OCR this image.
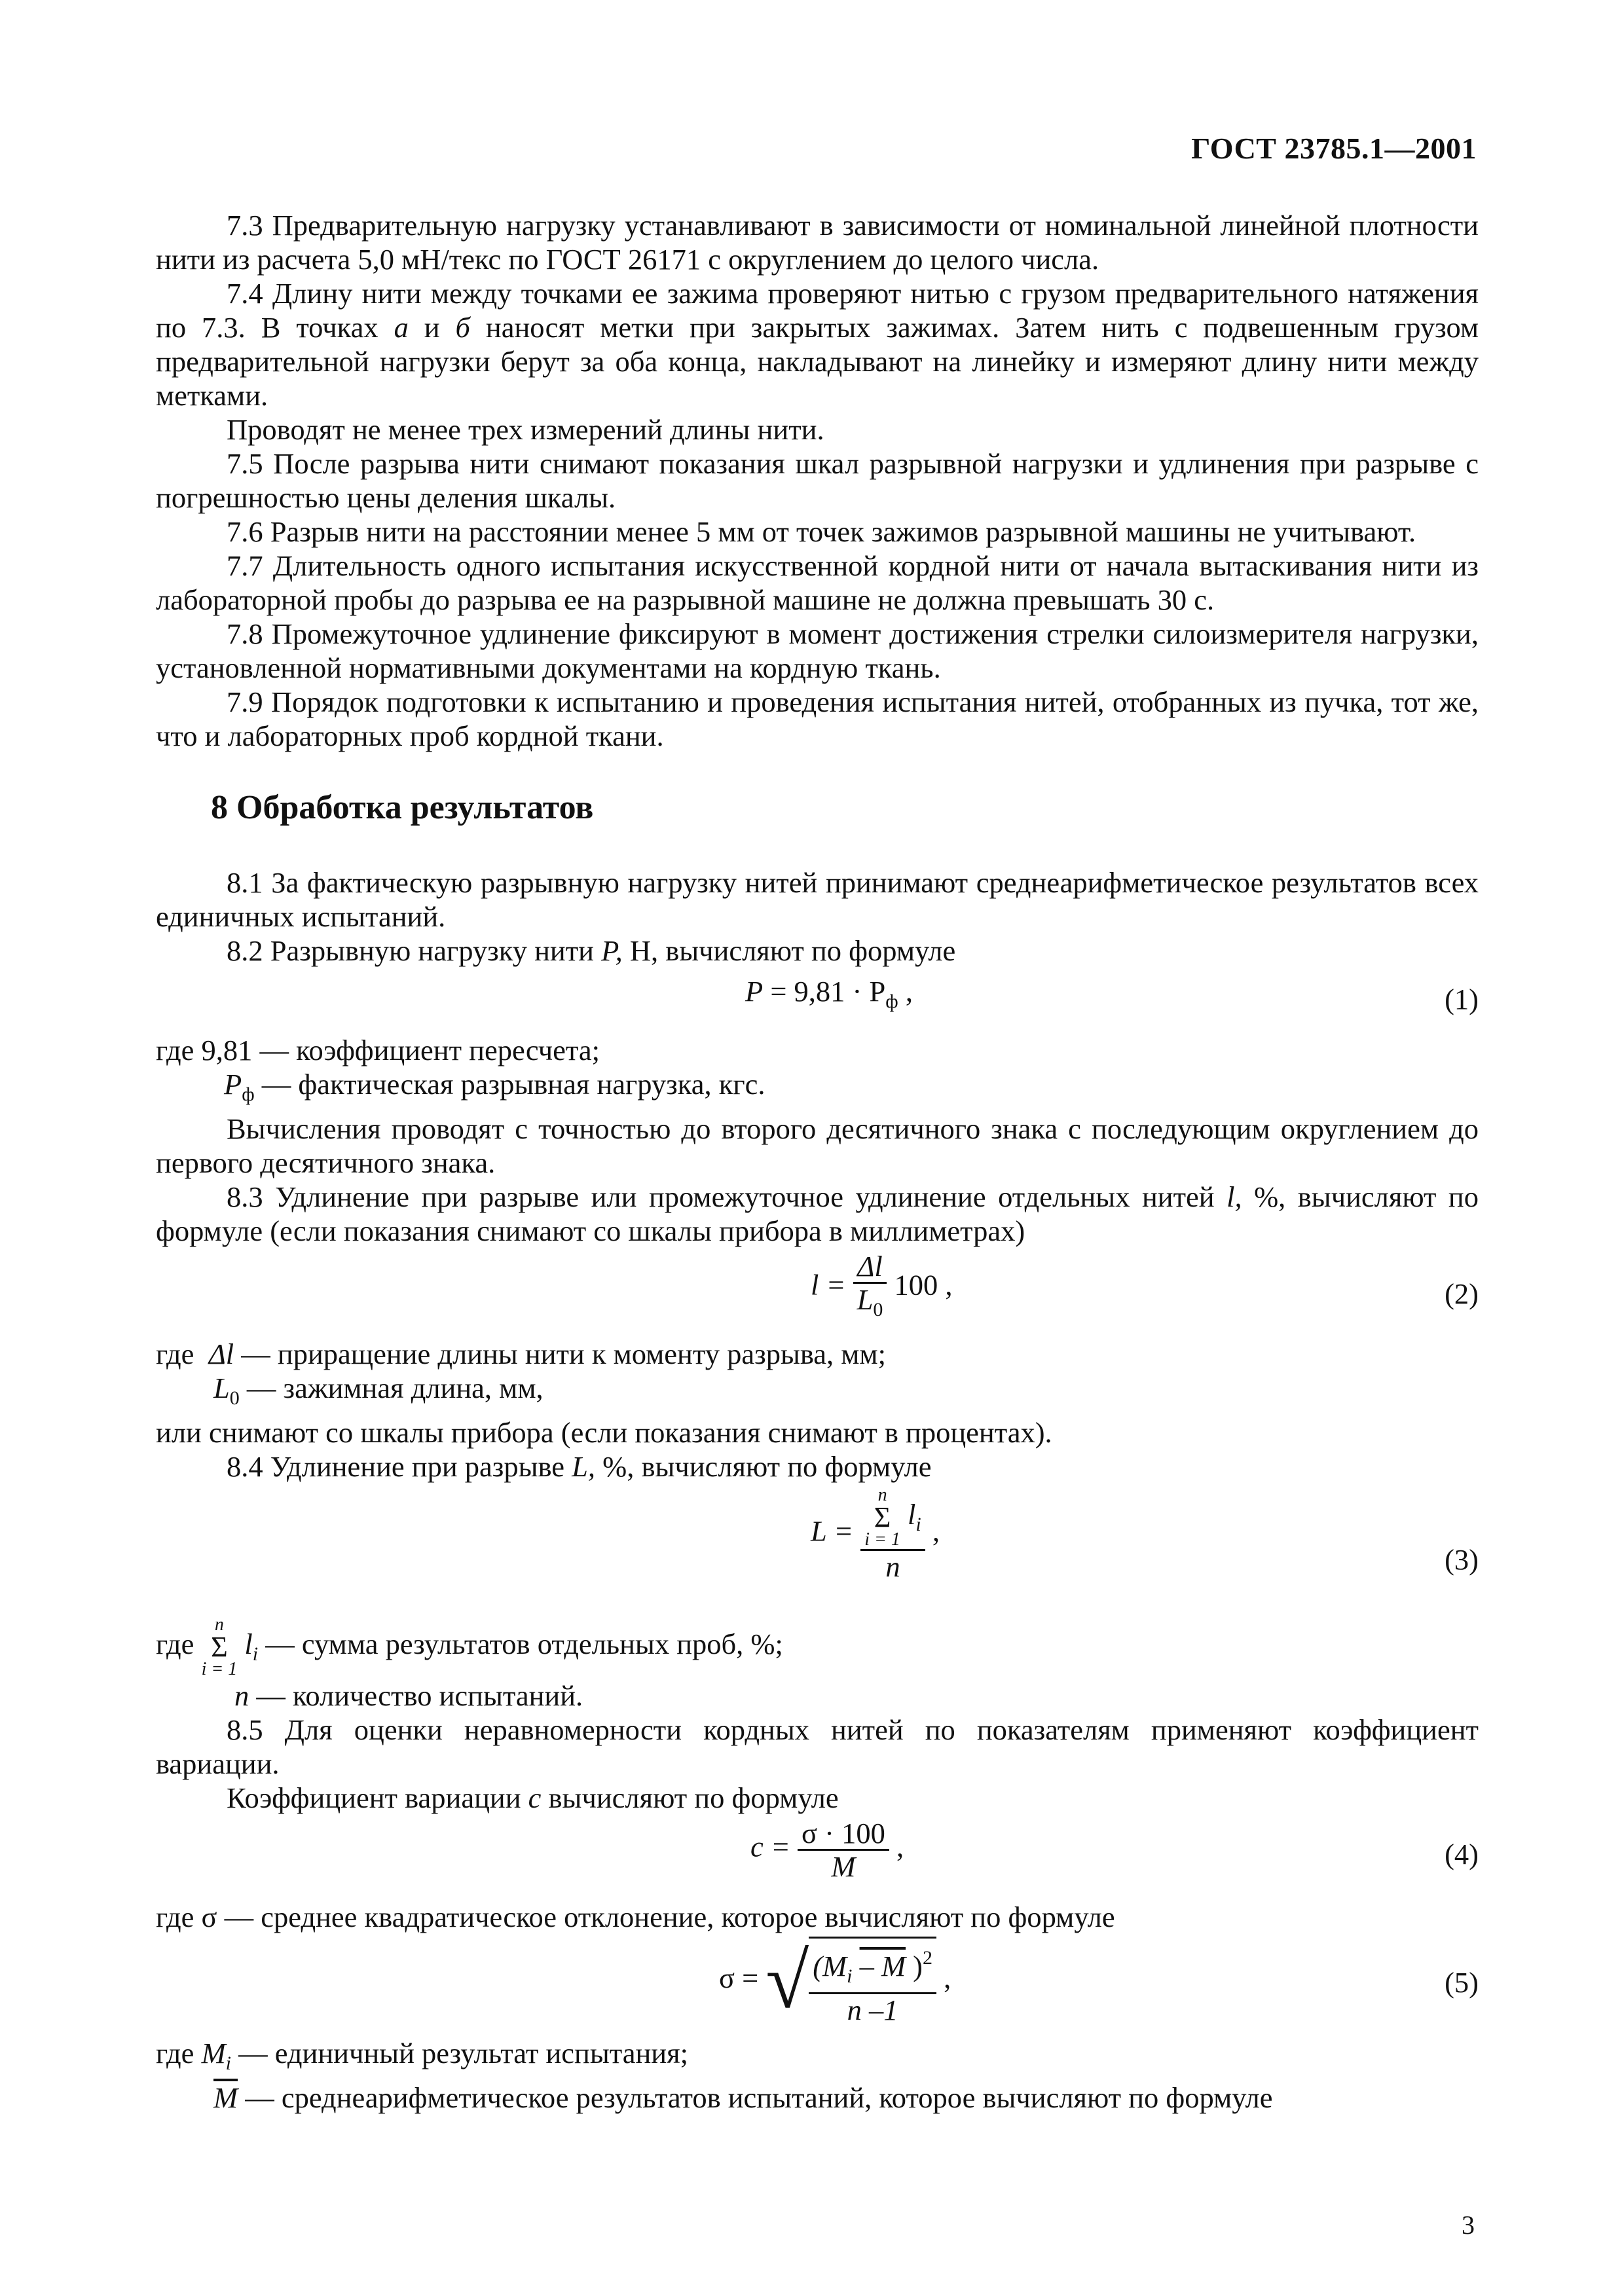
ГОСТ 23785.1—2001

7.3 Предварительную нагрузку устанавливают в зависимости от номинальной линейной плотности нити из расчета 5,0 мН/текс по ГОСТ 26171 с округлением до целого числа.

7.4 Длину нити между точками ее зажима проверяют нитью с грузом предварительного натяжения по 7.3. В точках а и б наносят метки при закрытых зажимах. Затем нить с подвешенным грузом предварительной нагрузки берут за оба конца, накладывают на линейку и измеряют длину нити между метками.

Проводят не менее трех измерений длины нити.

7.5 После разрыва нити снимают показания шкал разрывной нагрузки и удлинения при разрыве с погрешностью цены деления шкалы.

7.6 Разрыв нити на расстоянии менее 5 мм от точек зажимов разрывной машины не учитывают.

7.7 Длительность одного испытания искусственной кордной нити от начала вытаскивания нити из лабораторной пробы до разрыва ее на разрывной машине не должна превышать 30 с.

7.8 Промежуточное удлинение фиксируют в момент достижения стрелки силоизмерителя нагрузки, установленной нормативными документами на кордную ткань.

7.9 Порядок подготовки к испытанию и проведения испытания нитей, отобранных из пучка, тот же, что и лабораторных проб кордной ткани.

8 Обработка результатов

8.1 За фактическую разрывную нагрузку нитей принимают среднеарифметическое результатов всех единичных испытаний.

8.2 Разрывную нагрузку нити P, Н, вычисляют по формуле

$P = 9,81 \cdot P_ф$ ,	(1)

где 9,81 — коэффициент пересчета;

$P_ф$ — фактическая разрывная нагрузка, кгс.

Вычисления проводят с точностью до второго десятичного знака с последующим округлением до первого десятичного знака.

8.3 Удлинение при разрыве или промежуточное удлинение отдельных нитей l, %, вычисляют по формуле (если показания снимают со шкалы прибора в миллиметрах)

$l = \frac{\Delta l}{L_0} 100$ ,	(2)

где Δl — приращение длины нити к моменту разрыва, мм;

$L_0$ — зажимная длина, мм,

или снимают со шкалы прибора (если показания снимают в процентах).

8.4 Удлинение при разрыве L, %, вычисляют по формуле

L = n
Σ
i = 1
$l_i$
n ,
(3)

где
n
Σ
i = 1
$l_i$ — сумма результатов отдельных проб, %;

n — количество испытаний.

8.5 Для оценки неравномерности кордных нитей по показателям применяют коэффициент вариации.

Коэффициент вариации c вычисляют по формуле

$c = \frac{\sigma \cdot 100}{M}$ ,	(4)

где σ — среднее квадратическое отклонение, которое вычисляют по формуле

σ = √ $\frac{(M_i - M )^2}{n -1}$ ,	(5)

где $M_i$ — единичный результат испытания;

$\overline{M}$ — среднеарифметическое результатов испытаний, которое вычисляют по формуле

3
